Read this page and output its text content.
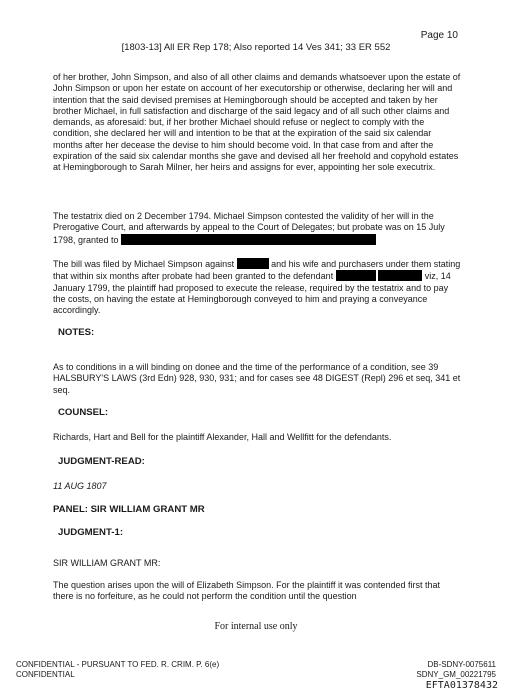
Page 10
[1803-13] All ER Rep 178; Also reported 14 Ves 341; 33 ER 552

of her brother, John Simpson, and also of all other claims and demands whatsoever upon the estate of John Simpson or upon her estate on account of her executorship or otherwise, declaring her will and intention that the said devised premises at Hemingborough should be accepted and taken by her brother Michael, in full satisfaction and discharge of the said legacy and of all such other claims and demands, as aforesaid: but, if her brother Michael should refuse or neglect to comply with the condition, she declared her will and intention to be that at the expiration of the said six calendar months after her decease the devise to him should become void. In that case from and after the expiration of the said six calendar months she gave and devised all her freehold and copyhold estates at Hemingborough to Sarah Milner, her heirs and assigns for ever, appointing her sole executrix.

The testatrix died on 2 December 1794. Michael Simpson contested the validity of her will in the Prerogative Court, and afterwards by appeal to the Court of Delegates; but probate was on 15 July 1798, granted to

The bill was filed by Michael Simpson against	and his wife and purchasers under them stating that within six months after probate had been granted to the defendant	viz, 14 January 1799, the plaintiff had proposed to execute the release, required by the testatrix and to pay the costs, on having the estate at Hemingborough conveyed to him and praying a conveyance accordingly.

NOTES:

As to conditions in a will binding on donee and the time of the performance of a condition, see 39 HALSBURY'S LAWS (3rd Edn) 928, 930, 931; and for cases see 48 DIGEST (Repl) 296 et seq, 341 et seq.

COUNSEL:
Richards, Hart and Bell for the plaintiff Alexander, Hall and Wellfitt for the defendants.
JUDGMENT-READ:
11 AUG 1807
PANEL: SIR WILLIAM GRANT MR
JUDGMENT-1:
SIR WILLIAM GRANT MR:

The question arises upon the will of Elizabeth Simpson. For the plaintiff it was contended first that there is no forfeiture, as he could not perform the condition until the question

For internal use only
CONFIDENTIAL - PURSUANT TO FED. R. CRIM. P. 6(e)
CONFIDENTIAL
DB-SDNY-0075611
SDNY_GM_00221795
EFTA01378432
